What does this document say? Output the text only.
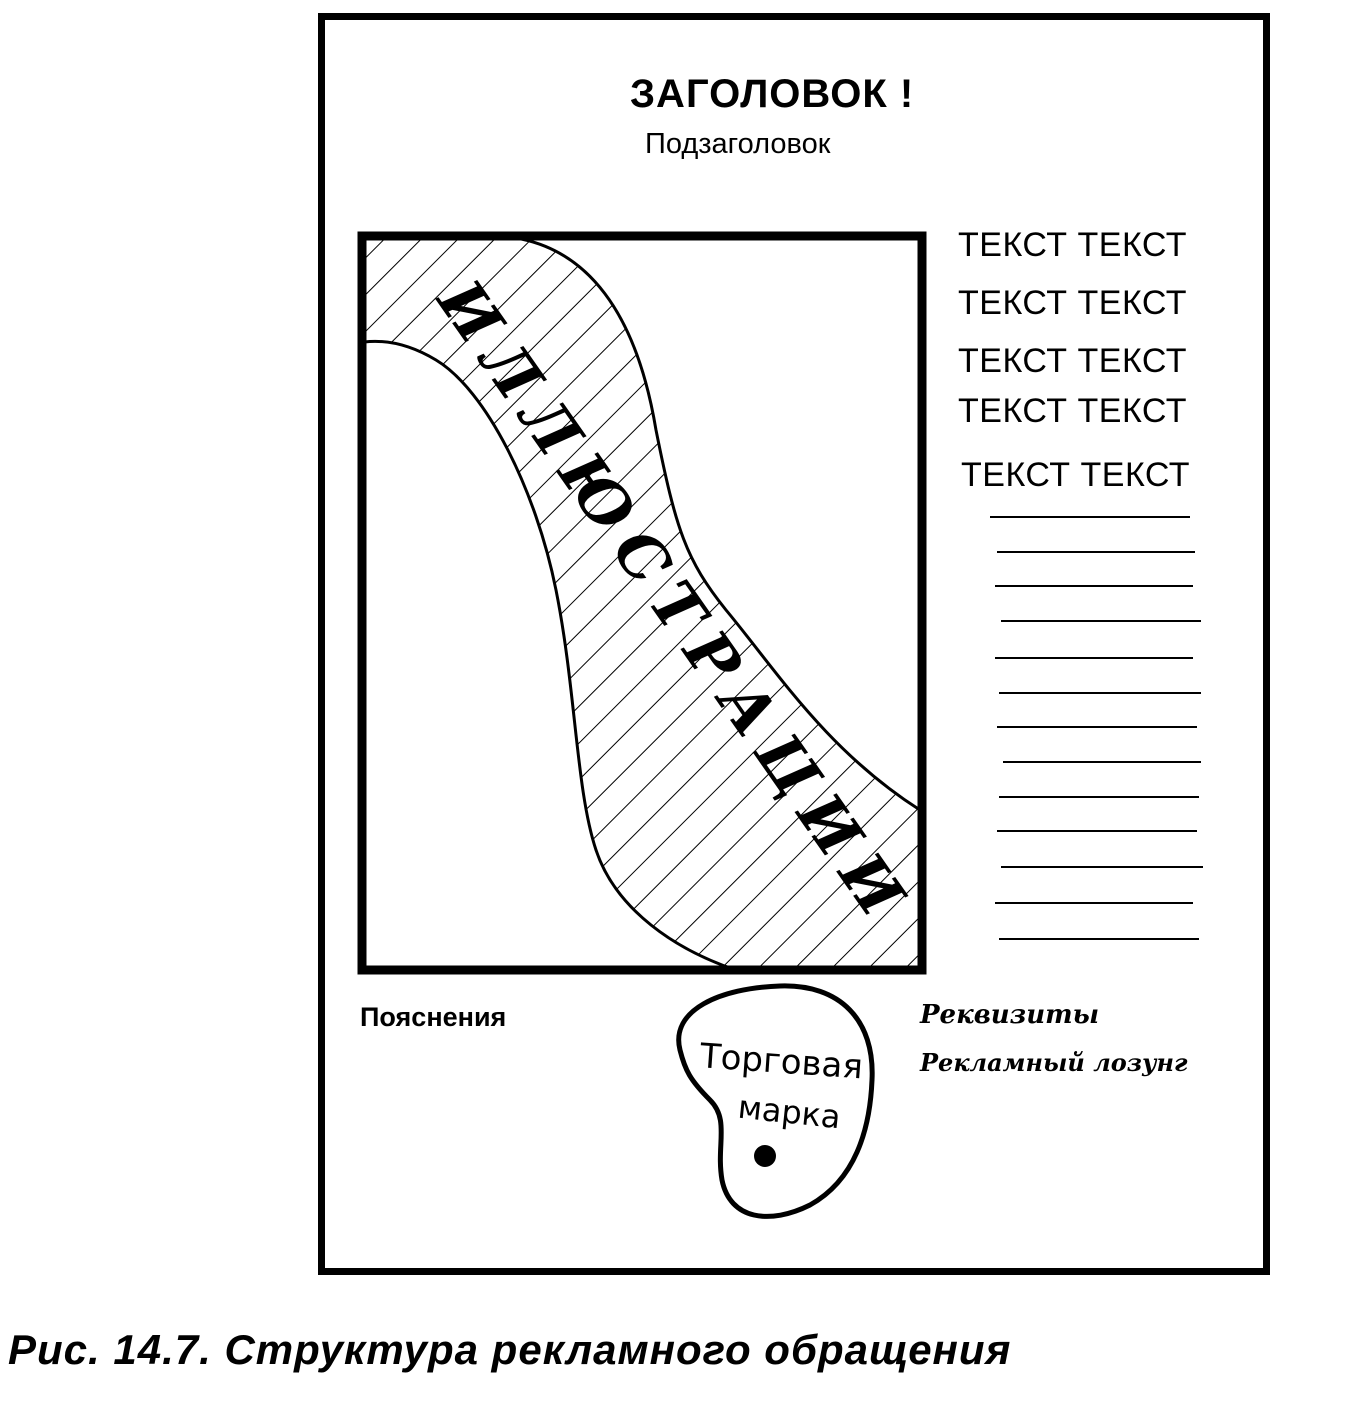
ЗАГОЛОВОК !
Подзаголовок
ИЛЛЮСТРАЦИИ
ТЕКСТ ТЕКСТ
ТЕКСТ ТЕКСТ
ТЕКСТ ТЕКСТ
ТЕКСТ ТЕКСТ
ТЕКСТ ТЕКСТ
Пояснения
Торговая
марка
Реквизиты
Рекламный лозунг
Рис. 14.7. Структура рекламного обращения
